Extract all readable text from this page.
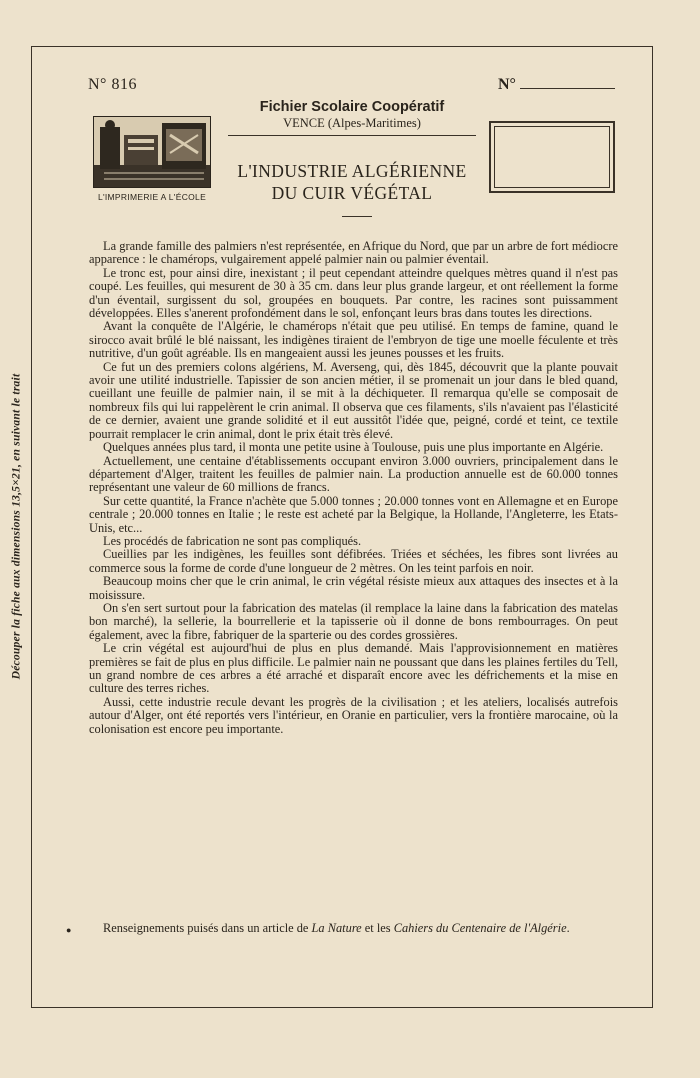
Découper la fiche aux dimensions 13,5×21, en suivant le trait
N° 816	N°
Fichier Scolaire Coopératif
VENCE (Alpes-Maritimes)
L'IMPRIMERIE A L'ÉCOLE
L'INDUSTRIE ALGÉRIENNE
DU CUIR VÉGÉTAL

La grande famille des palmiers n'est représentée, en Afrique du Nord, que par un arbre de fort médiocre apparence : le chamérops, vulgairement appelé palmier nain ou palmier éventail.

Le tronc est, pour ainsi dire, inexistant ; il peut cependant atteindre quelques mètres quand il n'est pas coupé. Les feuilles, qui mesurent de 30 à 35 cm. dans leur plus grande largeur, et ont réellement la forme d'un éventail, surgissent du sol, groupées en bouquets. Par contre, les racines sont puissamment développées. Elles s'anerent profondément dans le sol, enfonçant leurs bras dans toutes les directions.

Avant la conquête de l'Algérie, le chamérops n'était que peu utilisé. En temps de famine, quand le sirocco avait brûlé le blé naissant, les indigènes tiraient de l'embryon de tige une moelle féculente et très nutritive, d'un goût agréable. Ils en mangeaient aussi les jeunes pousses et les fruits.

Ce fut un des premiers colons algériens, M. Averseng, qui, dès 1845, découvrit que la plante pouvait avoir une utilité industrielle. Tapissier de son ancien métier, il se promenait un jour dans le bled quand, cueillant une feuille de palmier nain, il se mit à la déchiqueter. Il remarqua qu'elle se composait de nombreux fils qui lui rappelèrent le crin animal. Il observa que ces filaments, s'ils n'avaient pas l'élasticité de ce dernier, avaient une grande solidité et il eut aussitôt l'idée que, peigné, cordé et teint, ce textile pourrait remplacer le crin animal, dont le prix était très élevé.

Quelques années plus tard, il monta une petite usine à Toulouse, puis une plus importante en Algérie.

Actuellement, une centaine d'établissements occupant environ 3.000 ouvriers, principalement dans le département d'Alger, traitent les feuilles de palmier nain. La production annuelle est de 60.000 tonnes représentant une valeur de 60 millions de francs.

Sur cette quantité, la France n'achète que 5.000 tonnes ; 20.000 tonnes vont en Allemagne et en Europe centrale ; 20.000 tonnes en Italie ; le reste est acheté par la Belgique, la Hollande, l'Angleterre, les Etats-Unis, etc...

Les procédés de fabrication ne sont pas compliqués.

Cueillies par les indigènes, les feuilles sont défibrées. Triées et séchées, les fibres sont livrées au commerce sous la forme de corde d'une longueur de 2 mètres. On les teint parfois en noir.

Beaucoup moins cher que le crin animal, le crin végétal résiste mieux aux attaques des insectes et à la moisissure.

On s'en sert surtout pour la fabrication des matelas (il remplace la laine dans la fabrication des matelas bon marché), la sellerie, la bourrellerie et la tapisserie où il donne de bons rembourrages. On peut également, avec la fibre, fabriquer de la sparterie ou des cordes grossières.

Le crin végétal est aujourd'hui de plus en plus demandé. Mais l'approvisionnement en matières premières se fait de plus en plus difficile. Le palmier nain ne poussant que dans les plaines fertiles du Tell, un grand nombre de ces arbres a été arraché et disparaît encore avec les défrichements et la mise en culture des terres riches.

Aussi, cette industrie recule devant les progrès de la civilisation ; et les ateliers, localisés autrefois autour d'Alger, ont été reportés vers l'intérieur, en Oranie en particulier, vers la frontière marocaine, où la colonisation est encore peu importante.

●	Renseignements puisés dans un article de La Nature et les Cahiers du Centenaire de l'Algérie.
